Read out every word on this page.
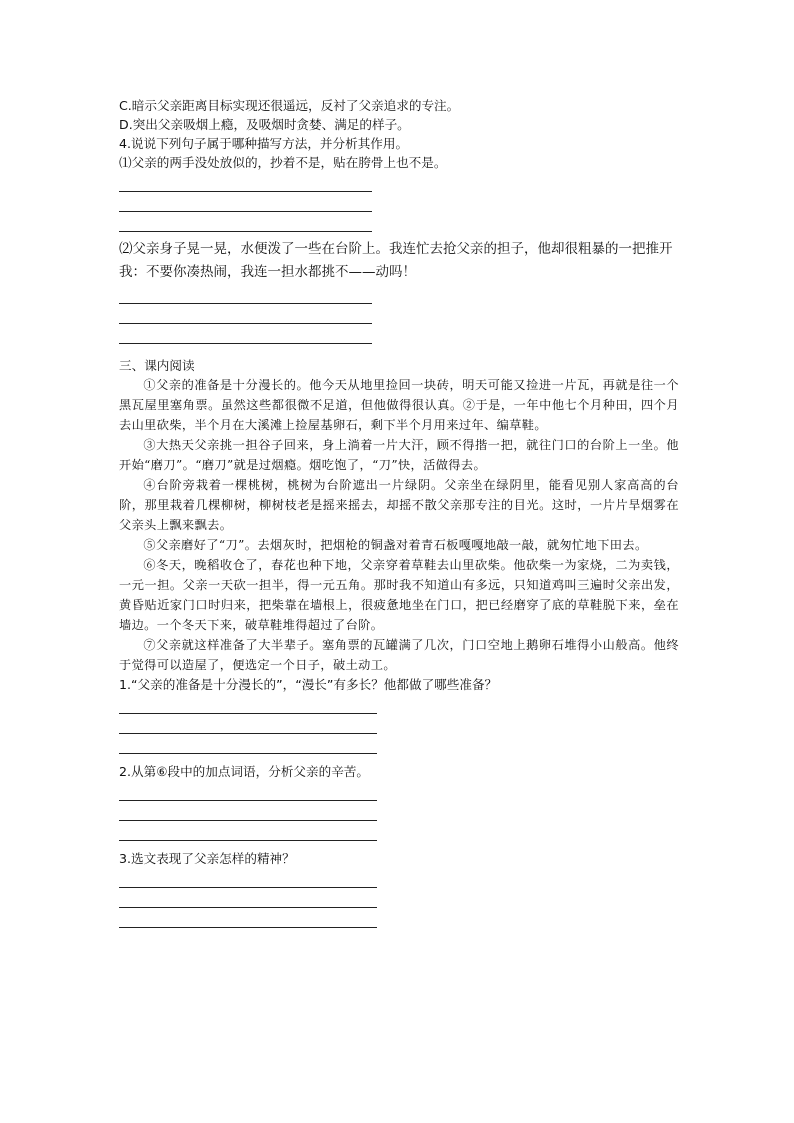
C.暗示父亲距离目标实现还很遥远，反衬了父亲追求的专注。

D.突出父亲吸烟上瘾，及吸烟时贪婪、满足的样子。

4.说说下列句子属于哪种描写方法，并分析其作用。

⑴父亲的两手没处放似的，抄着不是，贴在胯骨上也不是。

⑵父亲身子晃一晃，水便泼了一些在台阶上。我连忙去抢父亲的担子，他却很粗暴的一把推开我：不要你凑热闹，我连一担水都挑不——动吗！

三、课内阅读

①父亲的准备是十分漫长的。他今天从地里捡回一块砖，明天可能又捡进一片瓦，再就是往一个黑瓦屋里塞角票。虽然这些都很微不足道，但他做得很认真。②于是，一年中他七个月种田，四个月去山里砍柴，半个月在大溪滩上捡屋基卵石，剩下半个月用来过年、编草鞋。

③大热天父亲挑一担谷子回来，身上淌着一片大汗，顾不得揩一把，就往门口的台阶上一坐。他开始“磨刀”。“磨刀”就是过烟瘾。烟吃饱了，“刀”快，活做得去。

④台阶旁栽着一棵桃树，桃树为台阶遮出一片绿阴。父亲坐在绿阴里，能看见别人家高高的台阶，那里栽着几棵柳树，柳树枝老是摇来摇去，却摇不散父亲那专注的目光。这时，一片片旱烟雾在父亲头上飘来飘去。

⑤父亲磨好了“刀”。去烟灰时，把烟枪的铜盏对着青石板嘎嘎地敲一敲，就匆忙地下田去。

⑥冬天，晚稻收仓了，春花也种下地，父亲穿着草鞋去山里砍柴。他砍柴一为家烧，二为卖钱，一元一担。父亲一天砍一担半，得一元五角。那时我不知道山有多远，只知道鸡叫三遍时父亲出发，黄昏贴近家门口时归来，把柴靠在墙根上，很疲惫地坐在门口，把已经磨穿了底的草鞋脱下来，垒在墙边。一个冬天下来，破草鞋堆得超过了台阶。

⑦父亲就这样准备了大半辈子。塞角票的瓦罐满了几次，门口空地上鹅卵石堆得小山般高。他终于觉得可以造屋了，便选定一个日子，破土动工。

1.“父亲的准备是十分漫长的”，“漫长”有多长？他都做了哪些准备？

2.从第⑥段中的加点词语，分析父亲的辛苦。

3.选文表现了父亲怎样的精神？
